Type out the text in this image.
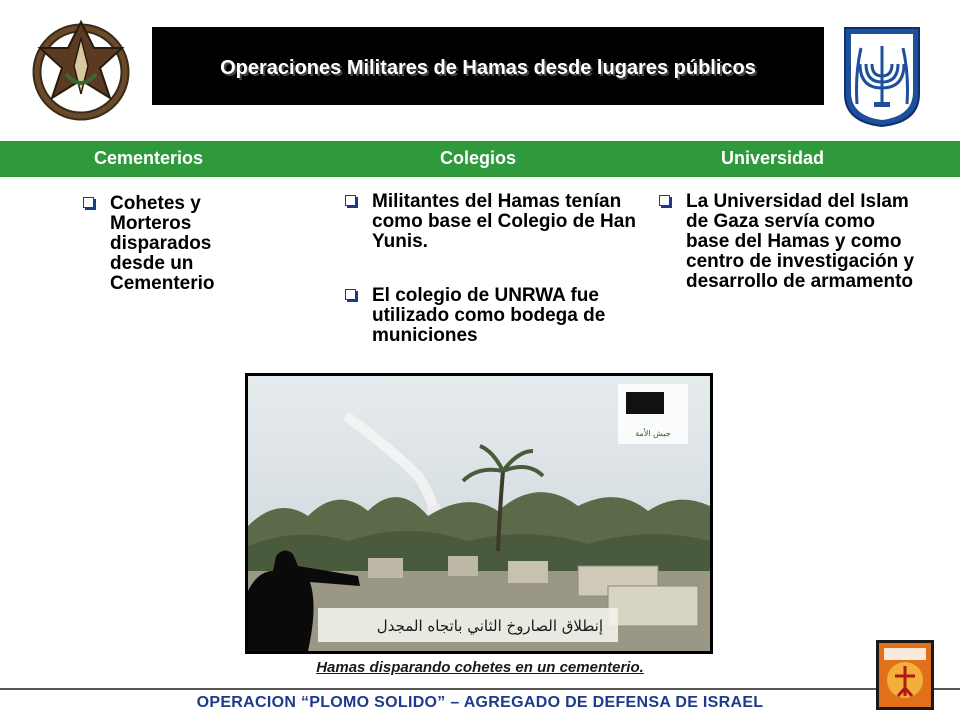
Operaciones Militares de Hamas desde lugares públicos
Cementerios	Colegios	Universidad
Cohetes y Morteros disparados desde un Cementerio
Militantes del Hamas tenían como base el Colegio de Han Yunis.
El colegio de UNRWA fue utilizado como bodega de municiones
La Universidad del Islam de Gaza servía como base del Hamas y como centro de investigación y desarrollo de armamento
إنطلاق الصاروخ الثاني باتجاه المجدل
جيش الأمة
Hamas disparando cohetes en un cementerio.
OPERACION “PLOMO SOLIDO” – AGREGADO DE DEFENSA DE ISRAEL
